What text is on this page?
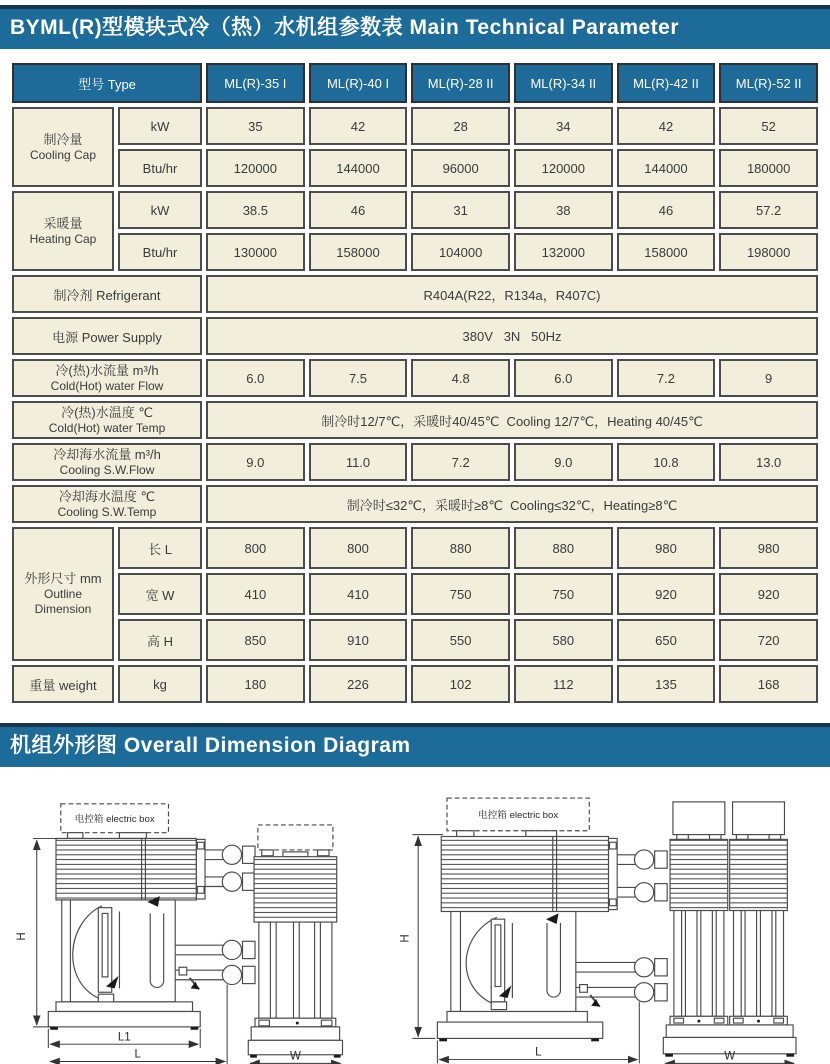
BYML(R)型模块式冷（热）水机组参数表 Main Technical Parameter
型号 Type		ML(R)-35 I	ML(R)-40 I	ML(R)-28 II	ML(R)-34 II	ML(R)-42 II	ML(R)-52 II

制冷量
Cooling Cap	kW	35	42	28	34	42	52
	Btu/hr	120000	144000	96000	120000	144000	180000

采暖量
Heating Cap	kW	38.5	46	31	38	46	57.2
	Btu/hr	130000	158000	104000	132000	158000	198000
制冷剂 Refrigerant		R404A(R22，R134a，R407C)					
电源 Power Supply		380V   3N   50Hz					

冷(热)水流量 m³/h
Cold(Hot) water Flow		6.0	7.5	4.8	6.0	7.2	9

冷(热)水温度 ℃
Cold(Hot) water Temp		制冷时12/7℃，采暖时40/45℃  Cooling 12/7℃，Heating 40/45℃					

冷却海水流量 m³/h
Cooling S.W.Flow		9.0	11.0	7.2	9.0	10.8	13.0

冷却海水温度 ℃
Cooling S.W.Temp		制冷时≤32℃，采暖时≥8℃  Cooling≤32℃，Heating≥8℃					

外形尺寸 mm
Outline Dimension	长 L	800	800	880	880	980	980
	宽 W	410	410	750	750	920	920
	高 H	850	910	550	580	650	720
重量 weight	kg	180	226	102	112	135	168
机组外形图 Overall Dimension Diagram
电控箱 electric box
H
L1
L	W
电控箱 electric box
H
L	W
